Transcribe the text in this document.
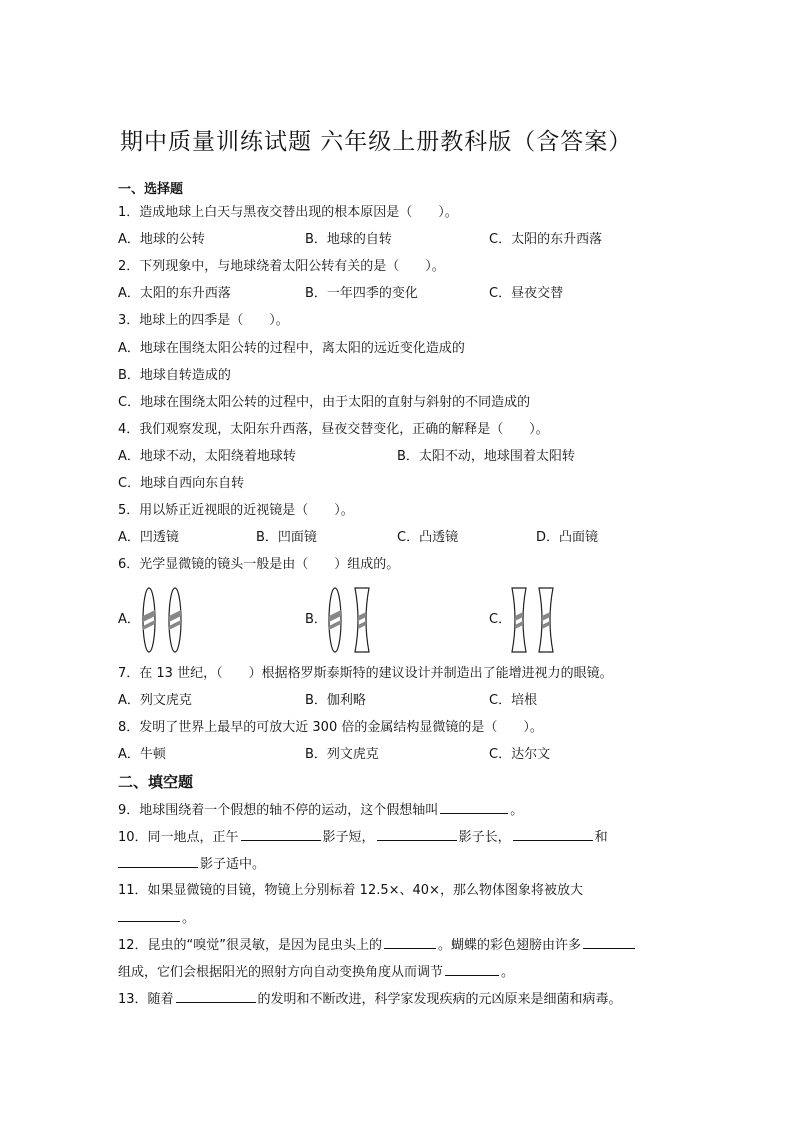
期中质量训练试题 六年级上册教科版（含答案）
一、选择题
1．造成地球上白天与黑夜交替出现的根本原因是（　　）。
A．地球的公转	B．地球的自转	C．太阳的东升西落
2．下列现象中，与地球绕着太阳公转有关的是（　　）。
A．太阳的东升西落	B．一年四季的变化	C．昼夜交替
3．地球上的四季是（　　）。
A．地球在围绕太阳公转的过程中，离太阳的远近变化造成的
B．地球自转造成的
C．地球在围绕太阳公转的过程中，由于太阳的直射与斜射的不同造成的
4．我们观察发现，太阳东升西落，昼夜交替变化，正确的解释是（　　）。
A．地球不动，太阳绕着地球转	B．太阳不动，地球围着太阳转
C．地球自西向东自转
5．用以矫正近视眼的近视镜是（　　）。
A．凹透镜	B．凹面镜	C．凸透镜	D．凸面镜
6．光学显微镜的镜头一般是由（　　）组成的。
A．	B．	C．
7．在 13 世纪，（　　）根据格罗斯泰斯特的建议设计并制造出了能增进视力的眼镜。
A．列文虎克	B．伽利略	C．培根
8．发明了世界上最早的可放大近 300 倍的金属结构显微镜的是（　　）。
A．牛顿	B．列文虎克	C．达尔文
二、填空题
9．地球围绕着一个假想的轴不停的运动，这个假想轴叫	。
10．同一地点，正午	影子短，	影子长，	和
影子适中。
11．如果显微镜的目镜，物镜上分别标着 12.5×、40×，那么物体图象将被放大
。
12．昆虫的“嗅觉”很灵敏，是因为昆虫头上的	。蝴蝶的彩色翅膀由许多
组成，它们会根据阳光的照射方向自动变换角度从而调节	。
13．随着	的发明和不断改进，科学家发现疾病的元凶原来是细菌和病毒。
